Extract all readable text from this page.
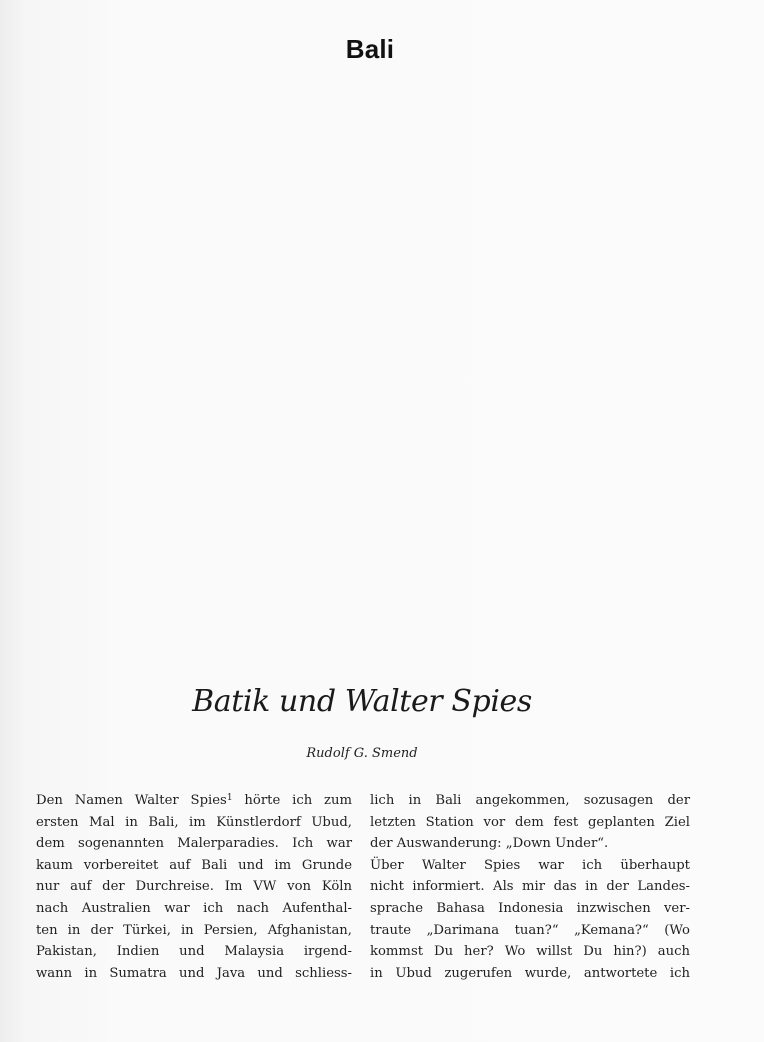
Bali
Batik und Walter Spies
Rudolf G. Smend
Den Namen Walter Spies$^1$ hörte ich zum
ersten Mal in Bali, im Künstlerdorf Ubud,
dem sogenannten Malerparadies. Ich war
kaum vorbereitet auf Bali und im Grunde
nur auf der Durchreise. Im VW von Köln
nach Australien war ich nach Aufenthal-
ten in der Türkei, in Persien, Afghanistan,
Pakistan, Indien und Malaysia irgend-
wann in Sumatra und Java und schliess-
lich in Bali angekommen, sozusagen der
letzten Station vor dem fest geplanten Ziel
der Auswanderung: „Down Under“.
Über Walter Spies war ich überhaupt
nicht informiert. Als mir das in der Landes-
sprache Bahasa Indonesia inzwischen ver-
traute „Darimana tuan?“ „Kemana?“ (Wo
kommst Du her? Wo willst Du hin?) auch
in Ubud zugerufen wurde, antwortete ich
